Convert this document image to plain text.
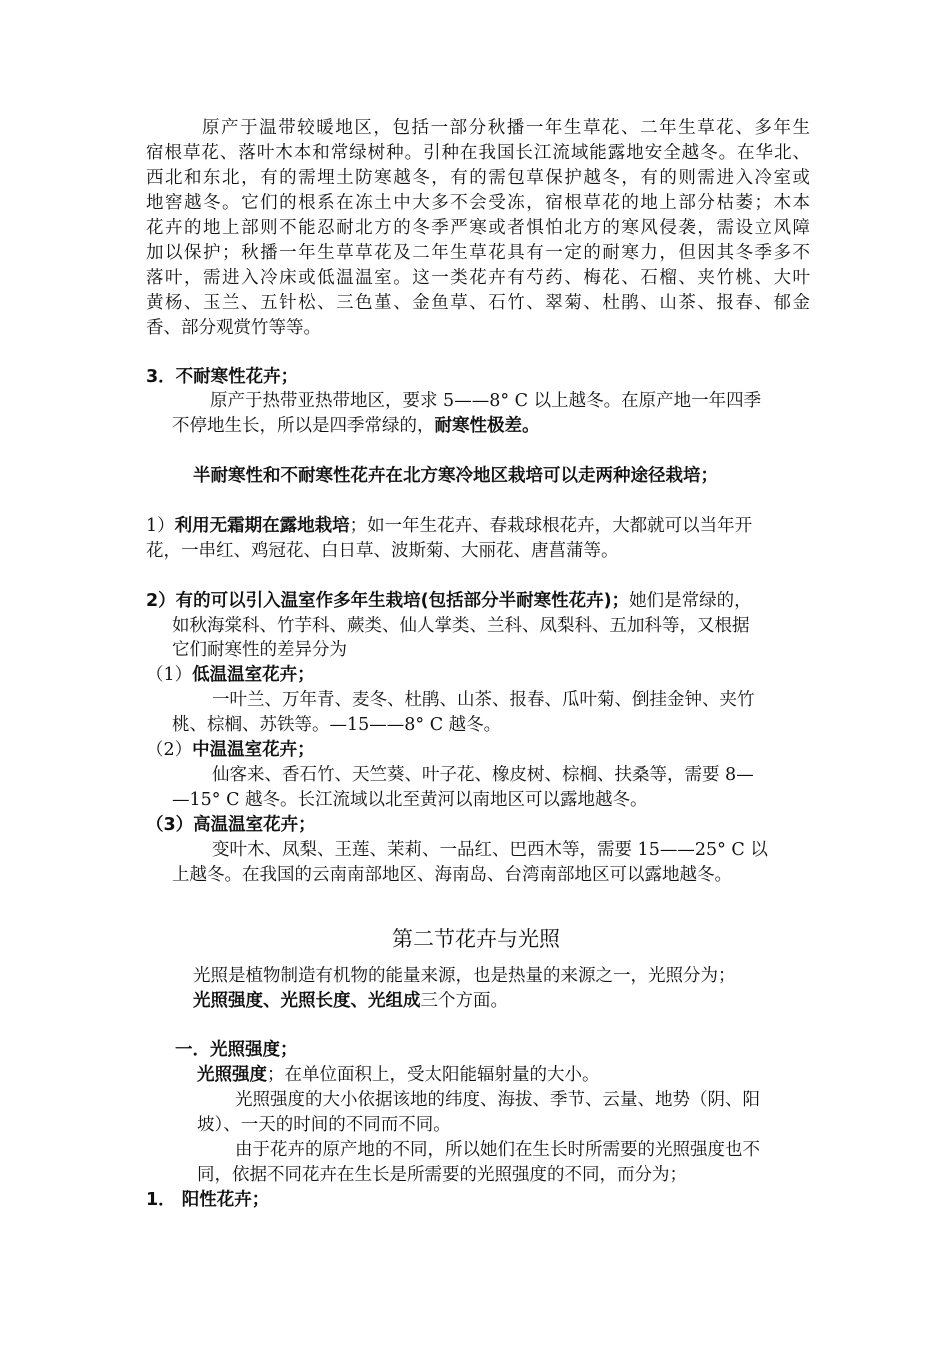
原产于温带较暖地区，包括一部分秋播一年生草花、二年生草花、多年生
宿根草花、落叶木本和常绿树种。引种在我国长江流域能露地安全越冬。在华北、
西北和东北，有的需埋土防寒越冬，有的需包草保护越冬，有的则需进入冷室或
地窖越冬。它们的根系在冻土中大多不会受冻，宿根草花的地上部分枯萎；木本
花卉的地上部则不能忍耐北方的冬季严寒或者惧怕北方的寒风侵袭，需设立风障
加以保护；秋播一年生草草花及二年生草花具有一定的耐寒力，但因其冬季多不
落叶，需进入冷床或低温温室。这一类花卉有芍药、梅花、石榴、夹竹桃、大叶
黄杨、玉兰、五针松、三色堇、金鱼草、石竹、翠菊、杜鹃、山茶、报春、郁金
香、部分观赏竹等等。
3．不耐寒性花卉；
原产于热带亚热带地区，要求 5——8° C 以上越冬。在原产地一年四季
不停地生长，所以是四季常绿的，耐寒性极差。
半耐寒性和不耐寒性花卉在北方寒冷地区栽培可以走两种途径栽培；
1）利用无霜期在露地栽培；如一年生花卉、春栽球根花卉，大都就可以当年开
花，一串红、鸡冠花、白日草、波斯菊、大丽花、唐菖蒲等。
2）有的可以引入温室作多年生栽培(包括部分半耐寒性花卉)；她们是常绿的，
如秋海棠科、竹芋科、蕨类、仙人掌类、兰科、凤梨科、五加科等，又根据
它们耐寒性的差异分为
（1）低温温室花卉；
一叶兰、万年青、麦冬、杜鹃、山茶、报春、瓜叶菊、倒挂金钟、夹竹
桃、棕榈、苏铁等。—15——8° C 越冬。
（2）中温温室花卉；
仙客来、香石竹、天竺葵、叶子花、橡皮树、棕榈、扶桑等，需要 8—
—15° C 越冬。长江流域以北至黄河以南地区可以露地越冬。
（3）高温温室花卉；
变叶木、凤梨、王莲、茉莉、一品红、巴西木等，需要 15——25° C 以
上越冬。在我国的云南南部地区、海南岛、台湾南部地区可以露地越冬。
第二节花卉与光照
光照是植物制造有机物的能量来源，也是热量的来源之一，光照分为；
光照强度、光照长度、光组成三个方面。
一．光照强度；
光照强度；在单位面积上，受太阳能辐射量的大小。
光照强度的大小依据该地的纬度、海拔、季节、云量、地势（阴、阳
坡）、一天的时间的不同而不同。
由于花卉的原产地的不同，所以她们在生长时所需要的光照强度也不
同，依据不同花卉在生长是所需要的光照强度的不同，而分为；
1． 阳性花卉；
